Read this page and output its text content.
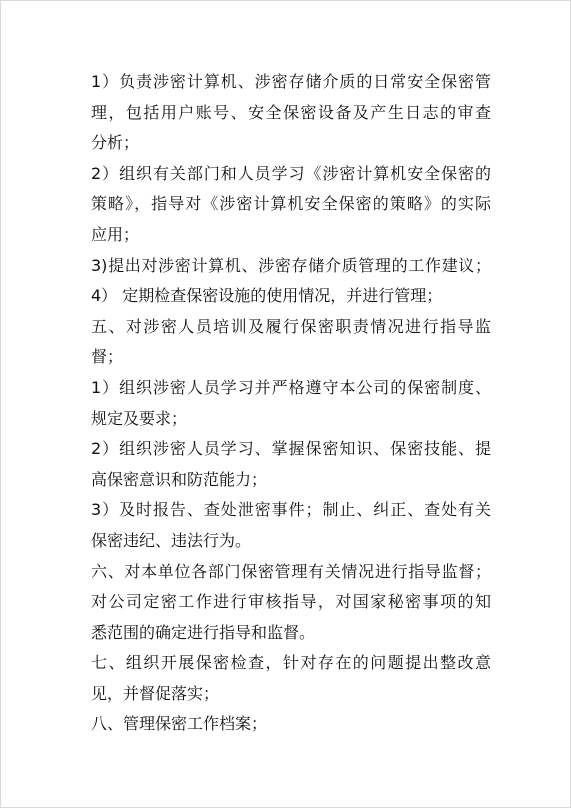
1）负责涉密计算机、涉密存储介质的日常安全保密管
理，包括用户账号、安全保密设备及产生日志的审查
分析；
2）组织有关部门和人员学习《涉密计算机安全保密的
策略》，指导对《涉密计算机安全保密的策略》的实际
应用；
3)提出对涉密计算机、涉密存储介质管理的工作建议；
4） 定期检查保密设施的使用情况，并进行管理；
五、对涉密人员培训及履行保密职责情况进行指导监
督；
1）组织涉密人员学习并严格遵守本公司的保密制度、
规定及要求；
2）组织涉密人员学习、掌握保密知识、保密技能、提
高保密意识和防范能力；
3）及时报告、查处泄密事件；制止、纠正、查处有关
保密违纪、违法行为。
六、对本单位各部门保密管理有关情况进行指导监督；
对公司定密工作进行审核指导，对国家秘密事项的知
悉范围的确定进行指导和监督。
七、组织开展保密检查，针对存在的问题提出整改意
见，并督促落实；
八、管理保密工作档案；
